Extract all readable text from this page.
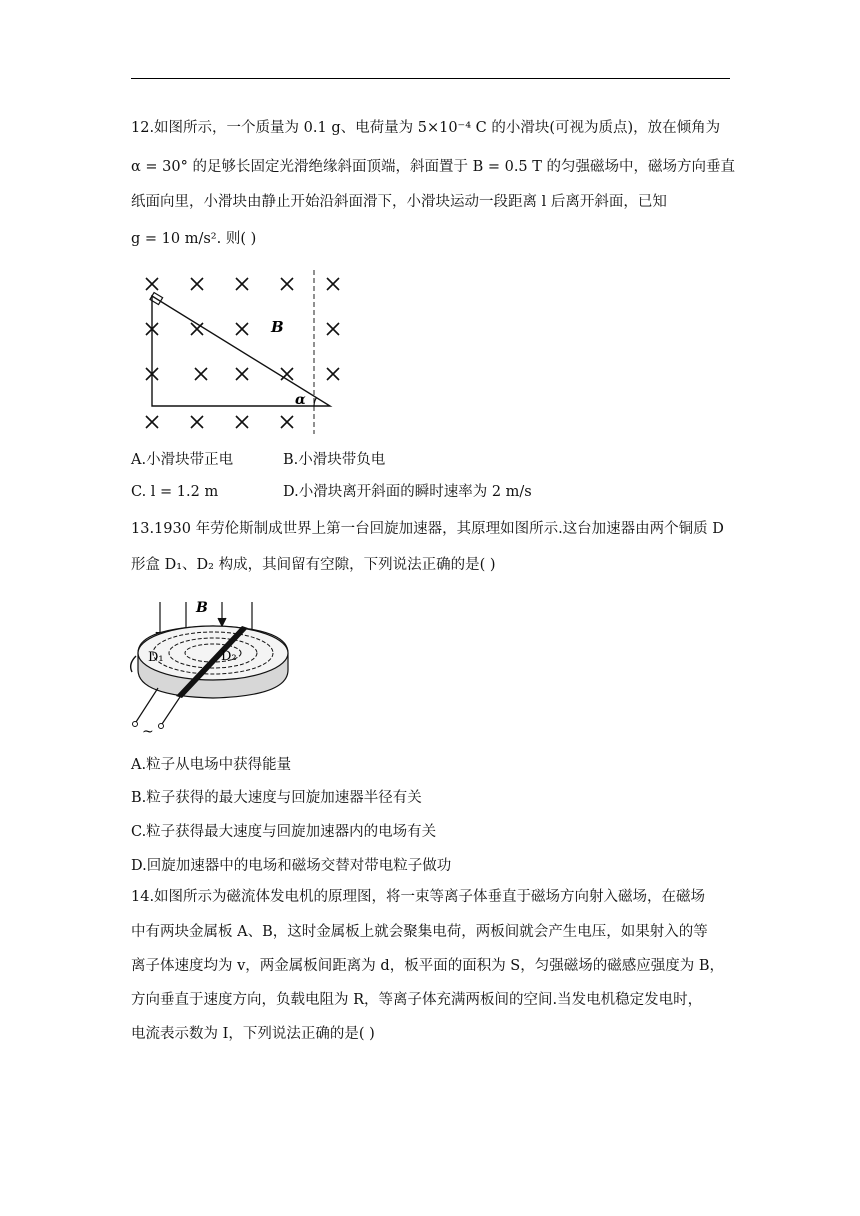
12.如图所示，一个质量为 0.1 g、电荷量为 5×10⁻⁴ C 的小滑块(可视为质点)，放在倾角为
α = 30° 的足够长固定光滑绝缘斜面顶端，斜面置于 B = 0.5 T 的匀强磁场中，磁场方向垂直
纸面向里，小滑块由静止开始沿斜面滑下，小滑块运动一段距离 l 后离开斜面，已知
g = 10 m/s². 则( )
B
α
A.小滑块带正电	B.小滑块带负电
C. l = 1.2 m	D.小滑块离开斜面的瞬时速率为 2 m/s
13.1930 年劳伦斯制成世界上第一台回旋加速器，其原理如图所示.这台加速器由两个铜质 D
形盒 D₁、D₂ 构成，其间留有空隙，下列说法正确的是( )
B
D₁	D₂
~
A.粒子从电场中获得能量
B.粒子获得的最大速度与回旋加速器半径有关
C.粒子获得最大速度与回旋加速器内的电场有关
D.回旋加速器中的电场和磁场交替对带电粒子做功
14.如图所示为磁流体发电机的原理图，将一束等离子体垂直于磁场方向射入磁场，在磁场
中有两块金属板 A、B，这时金属板上就会聚集电荷，两板间就会产生电压，如果射入的等
离子体速度均为 v，两金属板间距离为 d，板平面的面积为 S，匀强磁场的磁感应强度为 B，
方向垂直于速度方向，负载电阻为 R，等离子体充满两板间的空间.当发电机稳定发电时，
电流表示数为 I，下列说法正确的是( )
